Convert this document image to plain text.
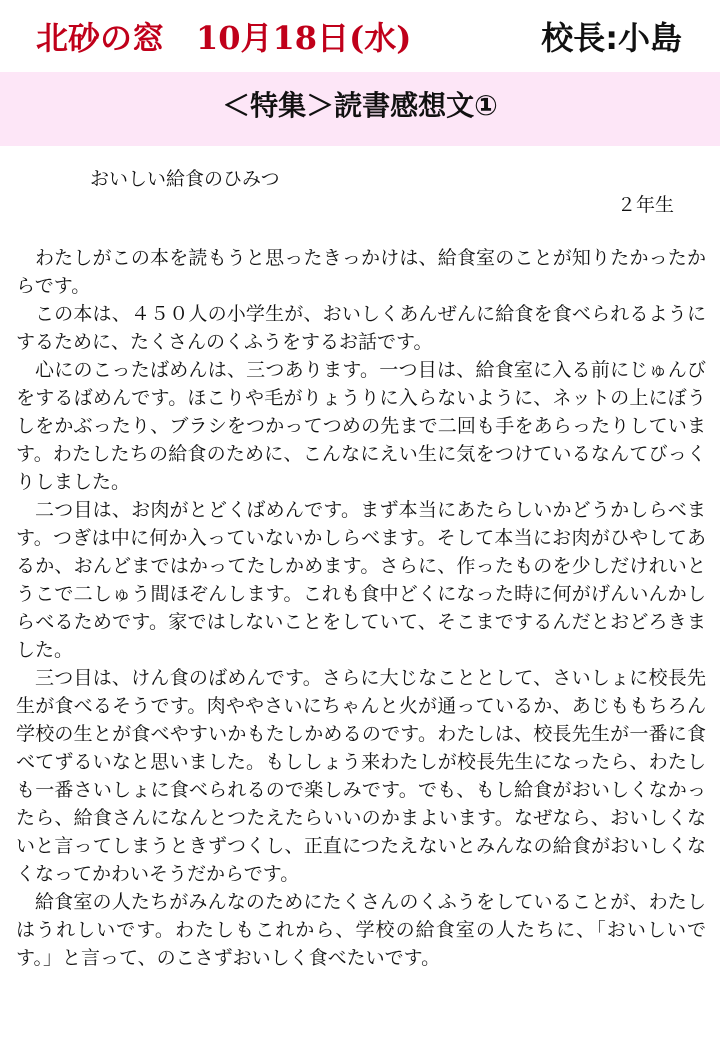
北砂の窓　10月18日(水)	校長:小島
＜特集＞読書感想文①
おいしい給食のひみつ
２年生

わたしがこの本を読もうと思ったきっかけは、給食室のことが知りたかったからです。

この本は、４５０人の小学生が、おいしくあんぜんに給食を食べられるようにするために、たくさんのくふうをするお話です。

心にのこったばめんは、三つあります。一つ目は、給食室に入る前にじゅんびをするばめんです。ほこりや毛がりょうりに入らないように、ネットの上にぼうしをかぶったり、ブラシをつかってつめの先まで二回も手をあらったりしています。わたしたちの給食のために、こんなにえい生に気をつけているなんてびっくりしました。

二つ目は、お肉がとどくばめんです。まず本当にあたらしいかどうかしらべます。つぎは中に何か入っていないかしらべます。そして本当にお肉がひやしてあるか、おんどまではかってたしかめます。さらに、作ったものを少しだけれいとうこで二しゅう間ほぞんします。これも食中どくになった時に何がげんいんかしらべるためです。家ではしないことをしていて、そこまでするんだとおどろきました。

三つ目は、けん食のばめんです。さらに大じなこととして、さいしょに校長先生が食べるそうです。肉ややさいにちゃんと火が通っているか、あじももちろん学校の生とが食べやすいかもたしかめるのです。わたしは、校長先生が一番に食べてずるいなと思いました。もししょう来わたしが校長先生になったら、わたしも一番さいしょに食べられるので楽しみです。でも、もし給食がおいしくなかったら、給食さんになんとつたえたらいいのかまよいます。なぜなら、おいしくないと言ってしまうときずつくし、正直につたえないとみんなの給食がおいしくなくなってかわいそうだからです。

給食室の人たちがみんなのためにたくさんのくふうをしていることが、わたしはうれしいです。わたしもこれから、学校の給食室の人たちに、「おいしいです。」と言って、のこさずおいしく食べたいです。
